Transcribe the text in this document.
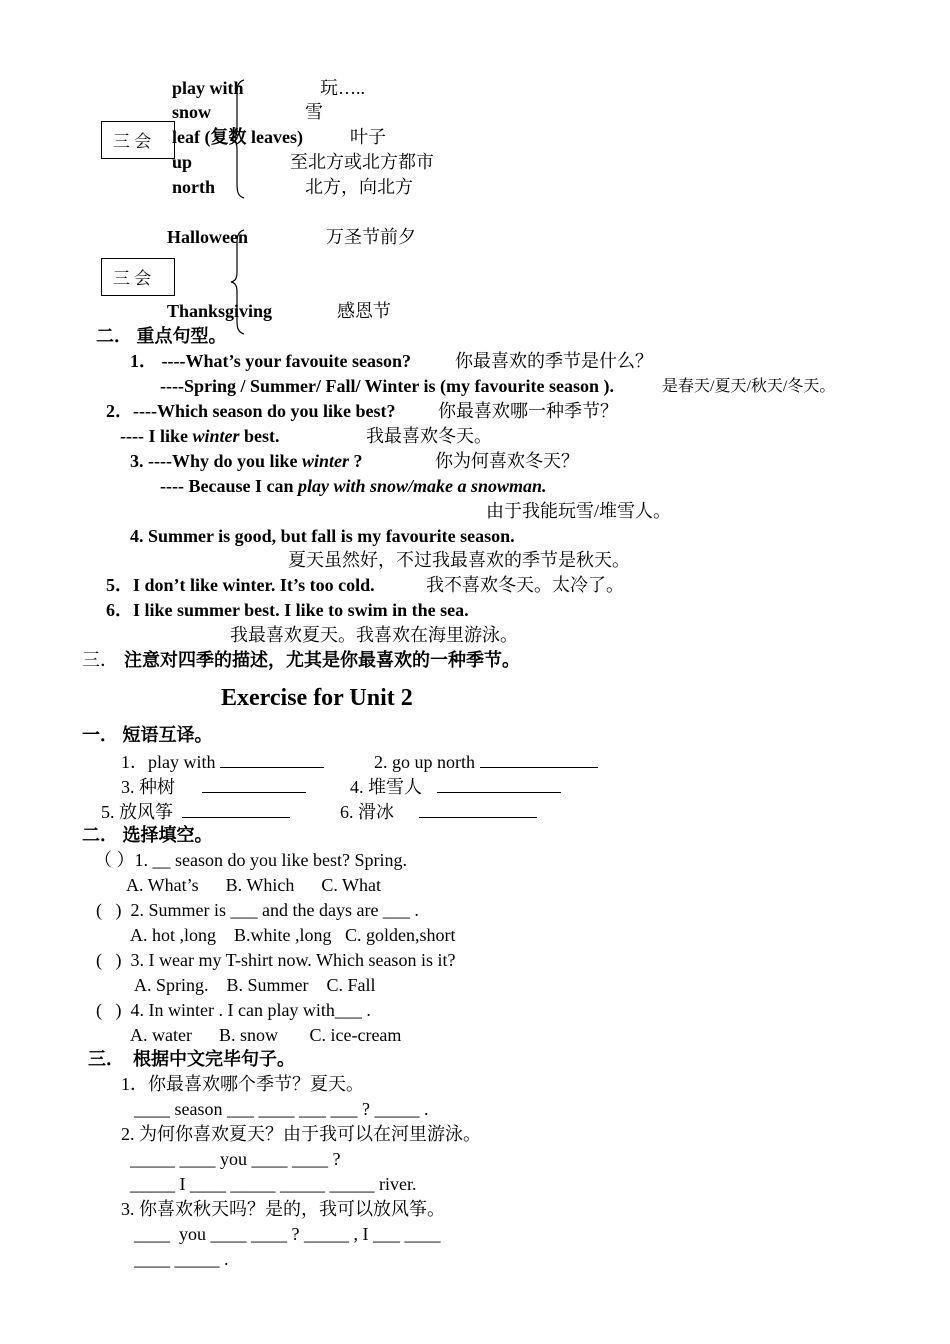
三 会
play with	玩…..
snow	雪
leaf (复数 leaves)	叶子
up	至北方或北方都市
north	北方，向北方
三 会
Halloween	万圣节前夕
Thanksgiving	感恩节
二． 重点句型。
1． ----What’s your favouite season? 你最喜欢的季节是什么？
----Spring / Summer/ Fall/ Winter is (my favourite season ).	是春天/夏天/秋天/冬天。
2．----Which season do you like best? 你最喜欢哪一种季节？
---- I like winter best.	我最喜欢冬天。
3. ----Why do you like winter ?	你为何喜欢冬天？
---- Because I can play with snow/make a snowman.
由于我能玩雪/堆雪人。
4. Summer is good, but fall is my favourite season.
夏天虽然好，不过我最喜欢的季节是秋天。
5．I don’t like winter. It’s too cold.	我不喜欢冬天。太冷了。
6．I like summer best. I like to swim in the sea.
我最喜欢夏天。我喜欢在海里游泳。
三． 注意对四季的描述，尤其是你最喜欢的一种季节。
Exercise for Unit 2
一． 短语互译。
1．play with	2. go up north
3. 种树	4. 堆雪人
5. 放风筝	6. 滑冰
二． 选择填空。
（ ）1. __ season do you like best? Spring.
A. What’s      B. Which      C. What
(   )  2. Summer is ___ and the days are ___ .
A. hot ,long    B.white ,long   C. golden,short
(   )  3. I wear my T-shirt now. Which season is it?
A. Spring.    B. Summer    C. Fall
(   )  4. In winter . I can play with___ .
A. water      B. snow       C. ice-cream
三．  根据中文完毕句子。
1．你最喜欢哪个季节？夏天。
____ season ___ ____ ___ ___ ? _____ .
2. 为何你喜欢夏天？由于我可以在河里游泳。
_____ ____ you ____ ____ ?
_____ I ____ _____ _____ _____ river.
3. 你喜欢秋天吗？是的，我可以放风筝。
____  you ____ ____ ? _____ , I ___ ____
____ _____ .
